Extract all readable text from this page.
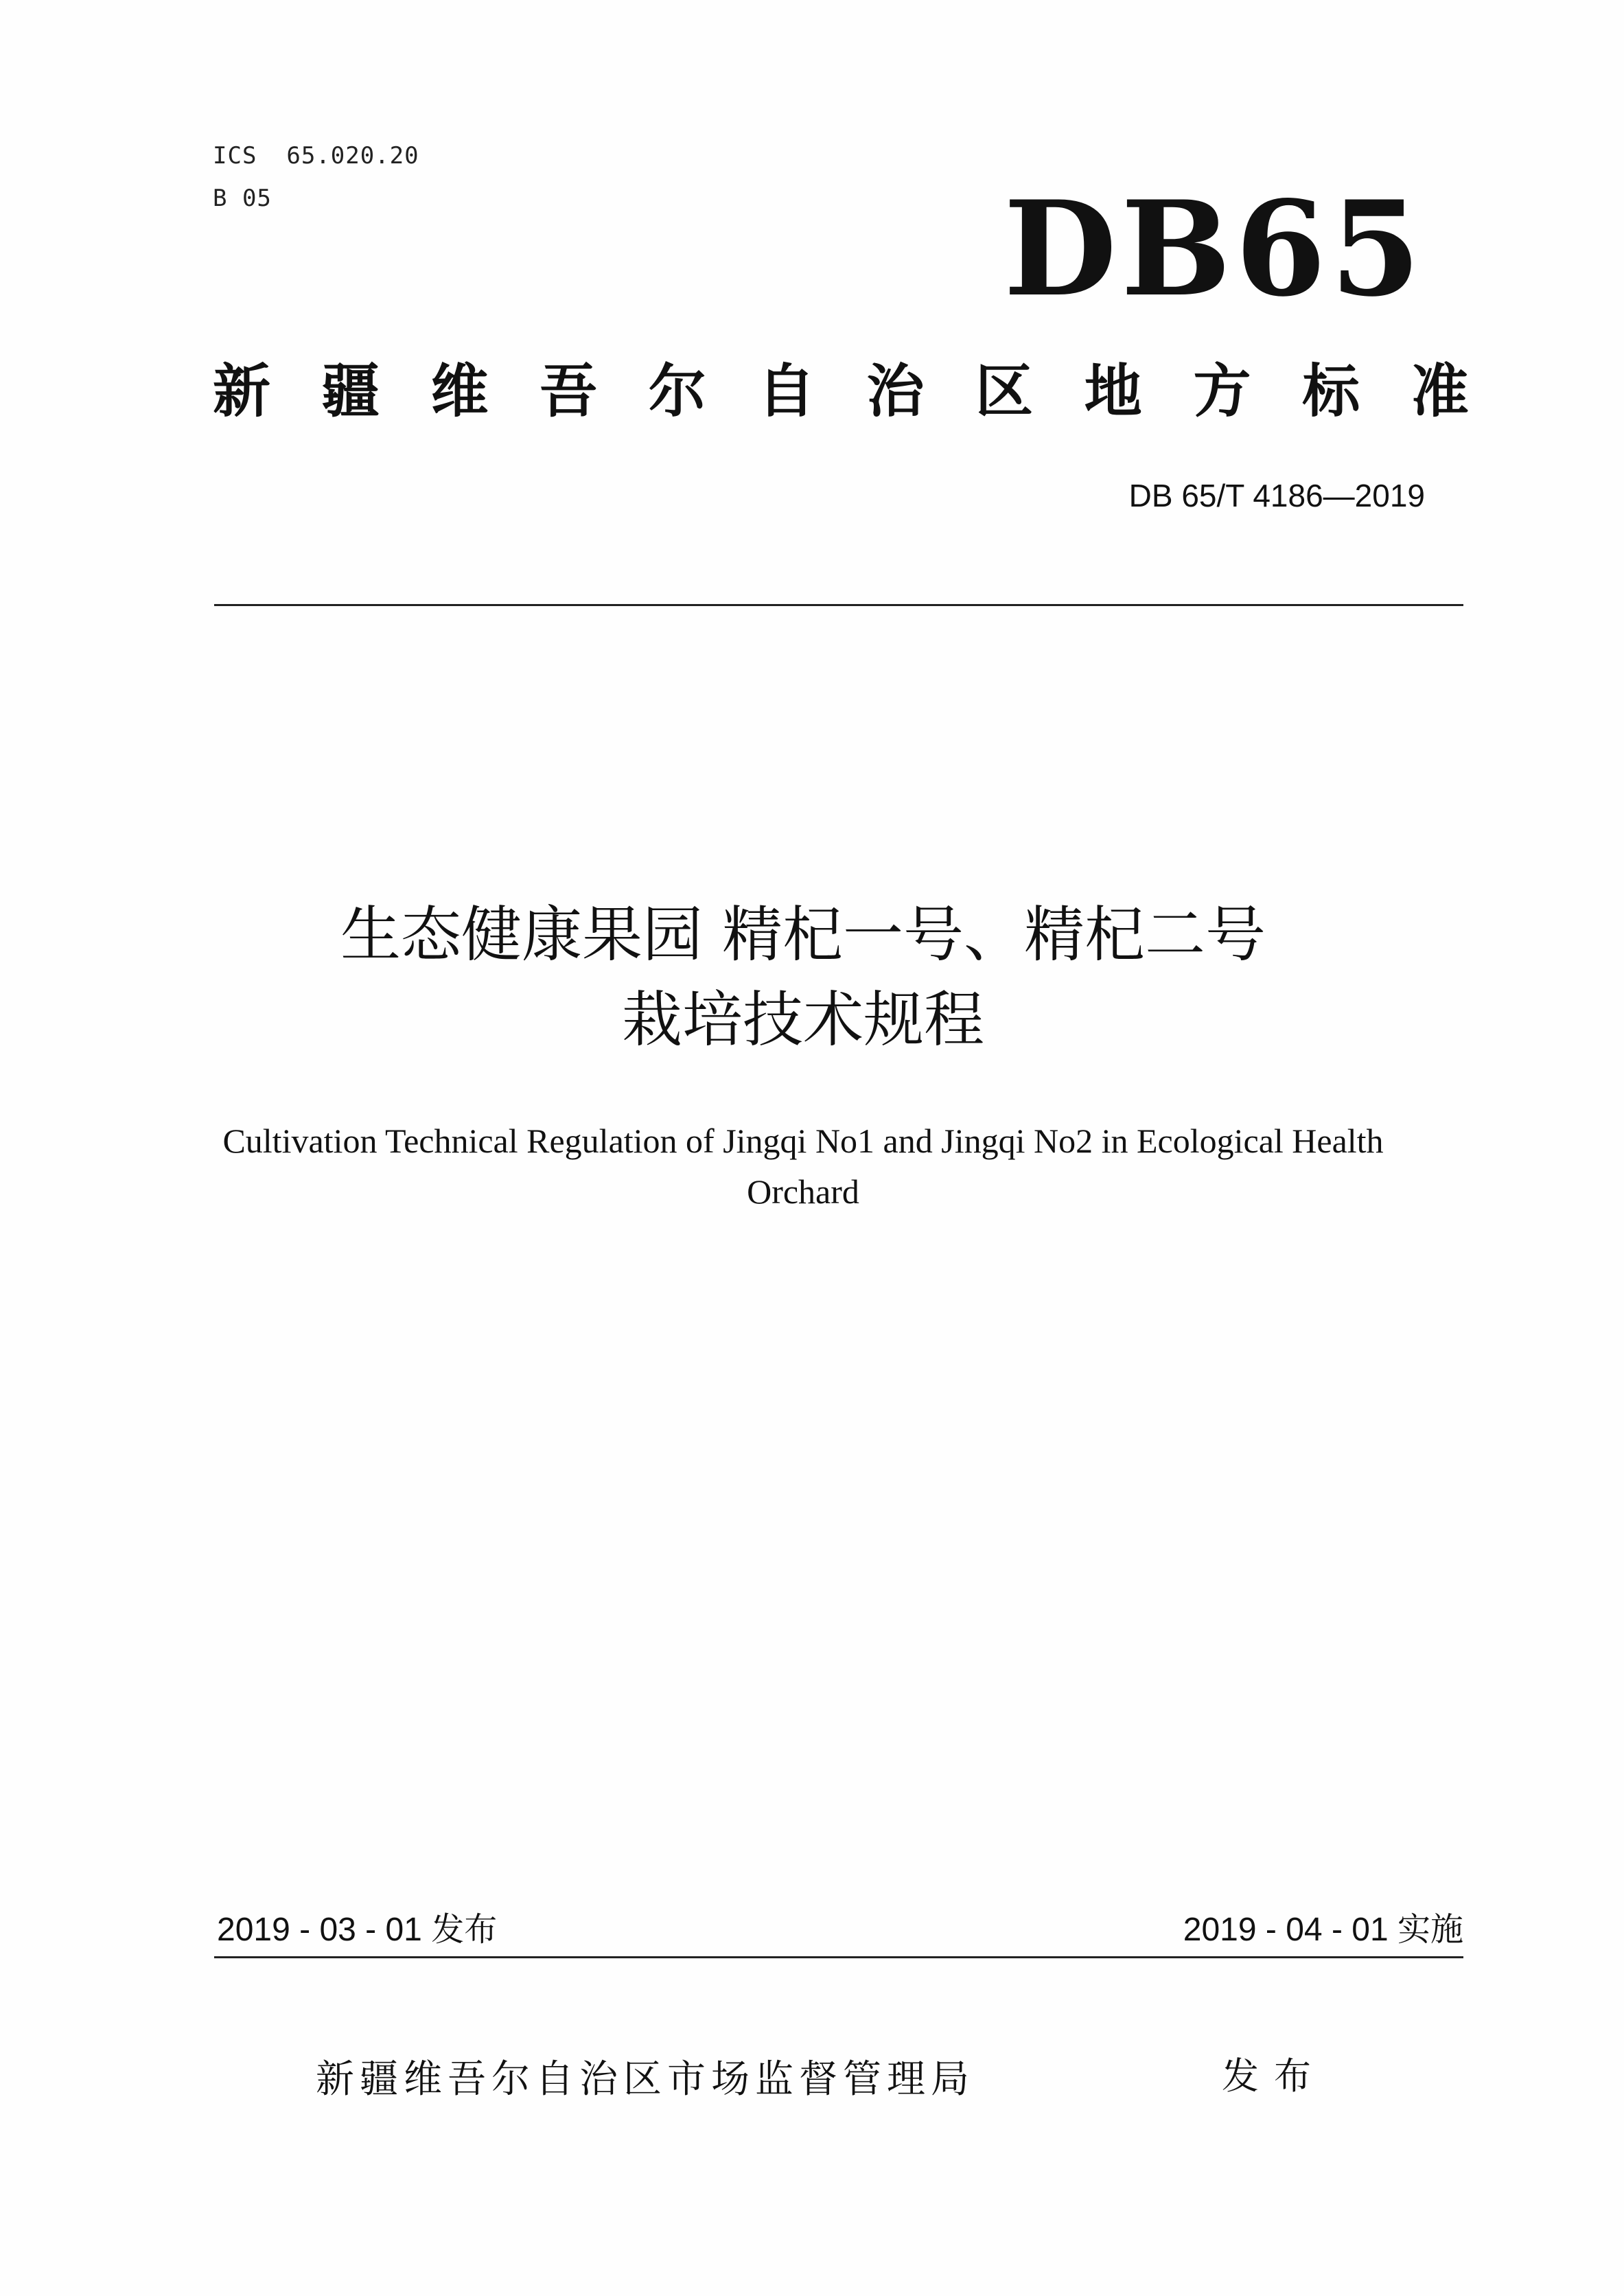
ICS  65.020.20
B 05	DB65
新 疆 维 吾 尔 自 治 区 地 方 标 准
DB 65/T 4186—2019
生态健康果园 精杞一号、精杞二号
栽培技术规程
Cultivation Technical Regulation of Jingqi No1 and Jingqi No2 in Ecological Health
Orchard
2019 - 03 - 01 发布	2019 - 04 - 01 实施
新疆维吾尔自治区市场监督管理局	发布
